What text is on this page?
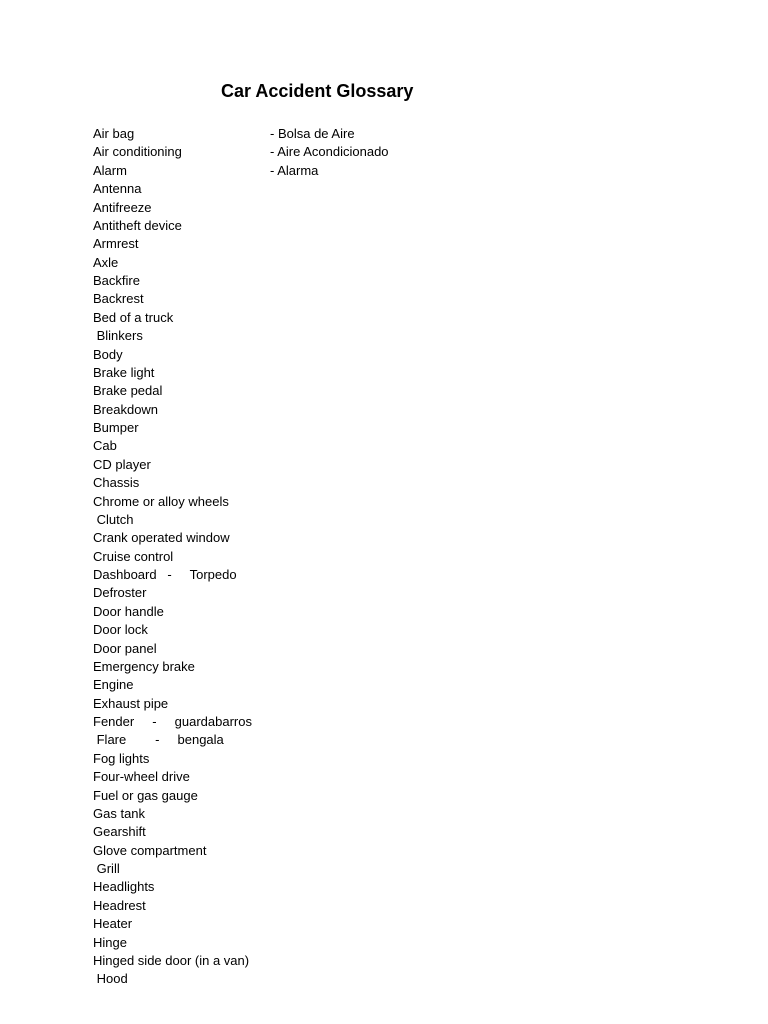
Car Accident Glossary
Air bag	- Bolsa de Aire
Air conditioning	- Aire Acondicionado
Alarm	- Alarma
Antenna
Antifreeze
Antitheft device
Armrest
Axle
Backfire
Backrest
Bed of a truck
Blinkers
Body
Brake light
Brake pedal
Breakdown
Bumper
Cab
CD player
Chassis
Chrome or alloy wheels
Clutch
Crank operated window
Cruise control
Dashboard   -     Torpedo
Defroster
Door handle
Door lock
Door panel
Emergency brake
Engine
Exhaust pipe
Fender     -     guardabarros
Flare        -     bengala
Fog lights
Four-wheel drive
Fuel or gas gauge
Gas tank
Gearshift
Glove compartment
Grill
Headlights
Headrest
Heater
Hinge
Hinged side door (in a van)
Hood
